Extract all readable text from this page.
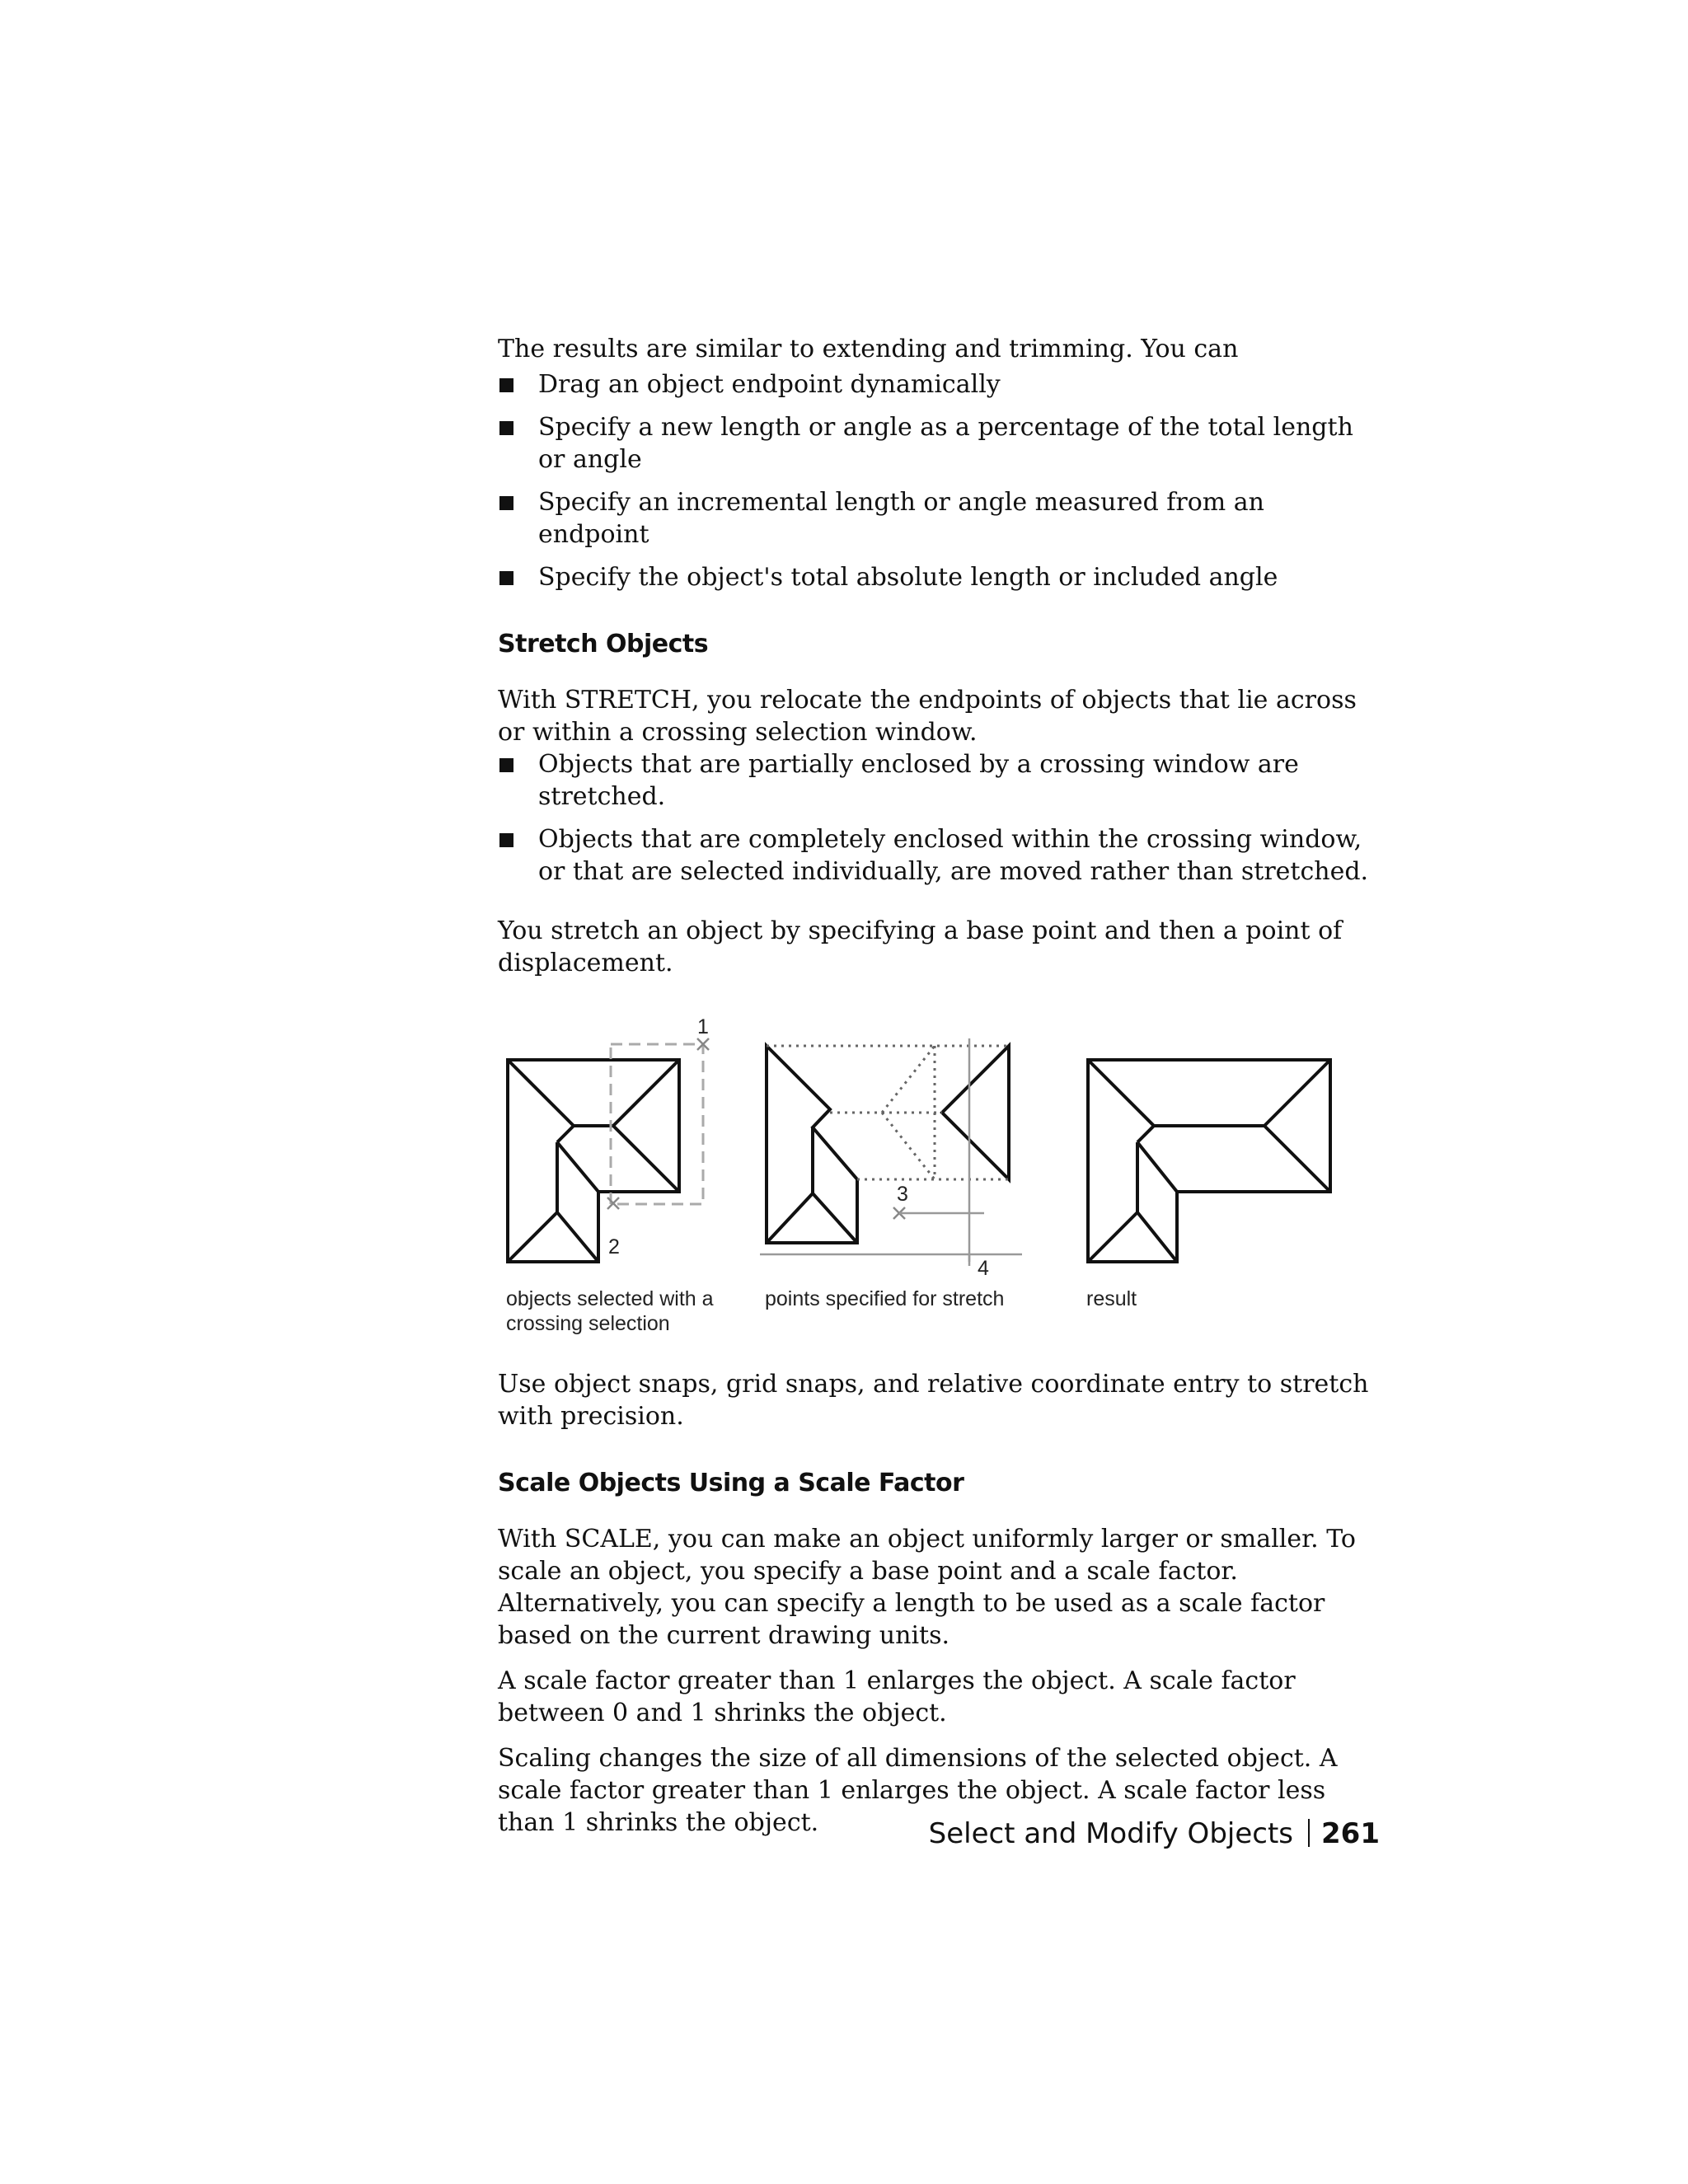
The results are similar to extending and trimming. You can

Drag an object endpoint dynamically
Specify a new length or angle as a percentage of the total length or angle
Specify an incremental length or angle measured from an endpoint
Specify the object's total absolute length or included angle
Stretch Objects

With STRETCH, you relocate the endpoints of objects that lie across or within a crossing selection window.

Objects that are partially enclosed by a crossing window are stretched.
Objects that are completely enclosed within the crossing window, or that are selected individually, are moved rather than stretched.

You stretch an object by specifying a base point and then a point of displacement.

1
2
3
4
objects selected with a crossing selection
points specified for stretch	result

Use object snaps, grid snaps, and relative coordinate entry to stretch with precision.

Scale Objects Using a Scale Factor

With SCALE, you can make an object uniformly larger or smaller. To scale an object, you specify a base point and a scale factor. Alternatively, you can specify a length to be used as a scale factor based on the current drawing units.

A scale factor greater than 1 enlarges the object. A scale factor between 0 and 1 shrinks the object.

Scaling changes the size of all dimensions of the selected object. A scale factor greater than 1 enlarges the object. A scale factor less than 1 shrinks the object.	Select and Modify Objects 261
